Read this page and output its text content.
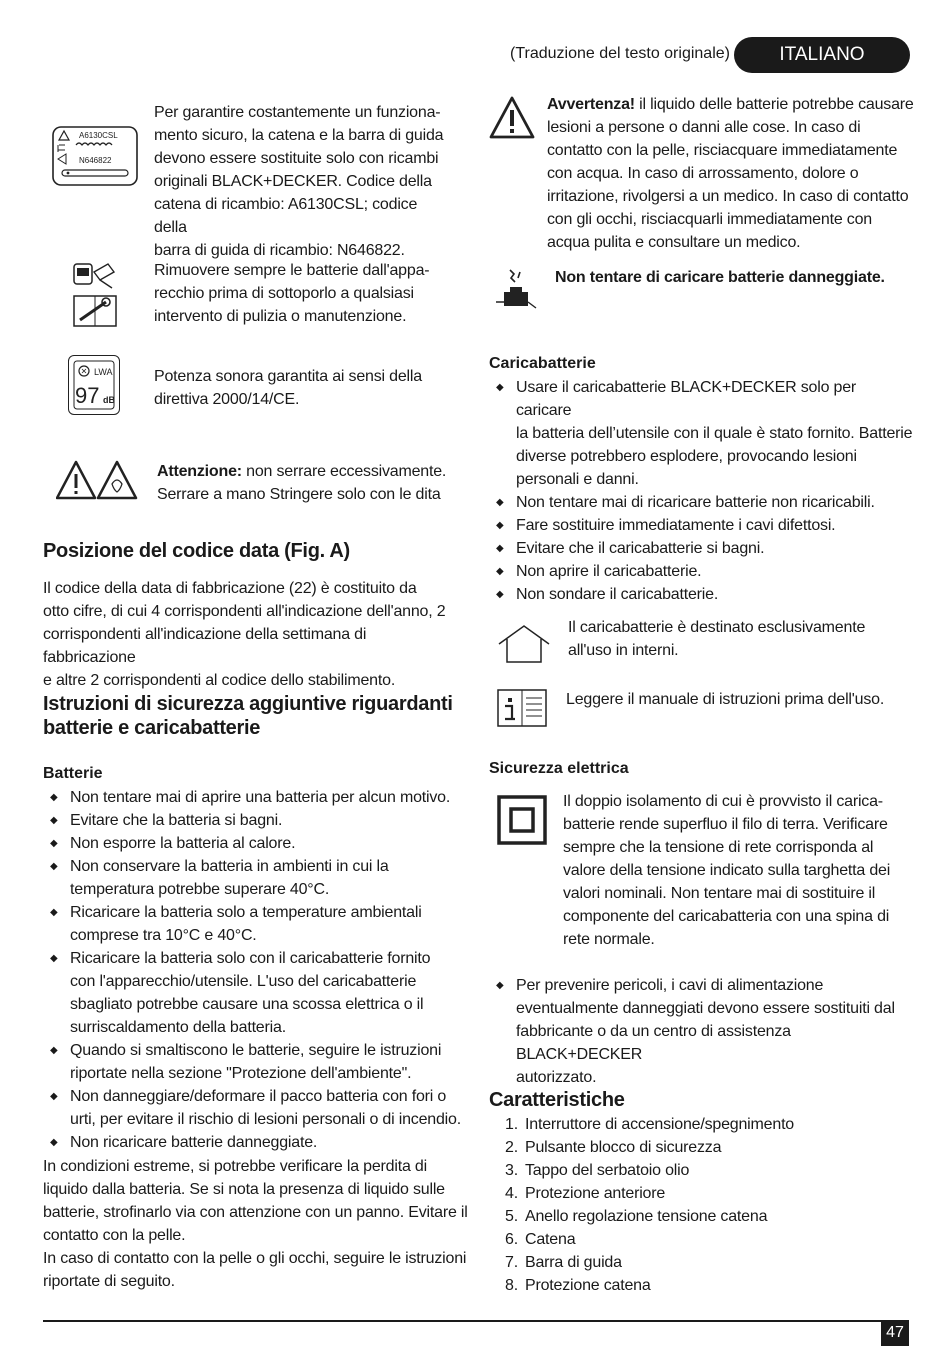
(Traduzione del testo originale)	ITALIANO
A6130CSL
N646822
Per garantire costantemente un funziona-
mento sicuro, la catena e la barra di guida
devono essere sostituite solo con ricambi
originali BLACK+DECKER. Codice della
catena di ricambio: A6130CSL; codice della
barra di guida di ricambio: N646822.
Rimuovere sempre le batterie dall'appa-
recchio prima di sottoporlo a qualsiasi
intervento di pulizia o manutenzione.
LWA
97 dB
Potenza sonora garantita ai sensi della
direttiva 2000/14/CE.
Attenzione: non serrare eccessivamente.
Serrare a mano Stringere solo con le dita
Posizione del codice data (Fig. A)
Il codice della data di fabbricazione (22) è costituito da
otto cifre, di cui 4 corrispondenti all'indicazione dell'anno, 2
corrispondenti all'indicazione della settimana di fabbricazione
e altre 2 corrispondenti al codice dello stabilimento.
Istruzioni di sicurezza aggiuntive riguardanti
batterie e caricabatterie
Batterie
◆ Non tentare mai di aprire una batteria per alcun motivo.
◆ Evitare che la batteria si bagni.
◆ Non esporre la batteria al calore.
◆ Non conservare la batteria in ambienti in cui la
temperatura potrebbe superare 40°C.
◆ Ricaricare la batteria solo a temperature ambientali
comprese tra 10°C e 40°C.
◆ Ricaricare la batteria solo con il caricabatterie fornito
con l'apparecchio/utensile. L'uso del caricabatterie
sbagliato potrebbe causare una scossa elettrica o il
surriscaldamento della batteria.
◆ Quando si smaltiscono le batterie, seguire le istruzioni
riportate nella sezione "Protezione dell'ambiente".
◆ Non danneggiare/deformare il pacco batteria con fori o
urti, per evitare il rischio di lesioni personali o di incendio.
◆ Non ricaricare batterie danneggiate.
In condizioni estreme, si potrebbe verificare la perdita di
liquido dalla batteria. Se si nota la presenza di liquido sulle
batterie, strofinarlo via con attenzione con un panno. Evitare il
contatto con la pelle.
In caso di contatto con la pelle o gli occhi, seguire le istruzioni
riportate di seguito.
Avvertenza! il liquido delle batterie potrebbe causare
lesioni a persone o danni alle cose. In caso di
contatto con la pelle, risciacquare immediatamente
con acqua. In caso di arrossamento, dolore o
irritazione, rivolgersi a un medico. In caso di contatto
con gli occhi, risciacquarli immediatamente con
acqua pulita e consultare un medico.
Non tentare di caricare batterie danneggiate.
Caricabatterie
◆ Usare il caricabatterie BLACK+DECKER solo per caricare
la batteria dell’utensile con il quale è stato fornito. Batterie
diverse potrebbero esplodere, provocando lesioni
personali e danni.
◆ Non tentare mai di ricaricare batterie non ricaricabili.
◆ Fare sostituire immediatamente i cavi difettosi.
◆ Evitare che il caricabatterie si bagni.
◆ Non aprire il caricabatterie.
◆ Non sondare il caricabatterie.
Il caricabatterie è destinato esclusivamente
all'uso in interni.
Leggere il manuale di istruzioni prima dell'uso.
Sicurezza elettrica
Il doppio isolamento di cui è provvisto il carica-
batterie rende superfluo il filo di terra. Verificare
sempre che la tensione di rete corrisponda al
valore della tensione indicato sulla targhetta dei
valori nominali. Non tentare mai di sostituire il
componente del caricabatteria con una spina di
rete normale.
◆ Per prevenire pericoli, i cavi di alimentazione
eventualmente danneggiati devono essere sostituiti dal
fabbricante o da un centro di assistenza BLACK+DECKER
autorizzato.
Caratteristiche
1. Interruttore di accensione/spegnimento
2. Pulsante blocco di sicurezza
3. Tappo del serbatoio olio
4. Protezione anteriore
5. Anello regolazione tensione catena
6. Catena
7. Barra di guida
8. Protezione catena
47
